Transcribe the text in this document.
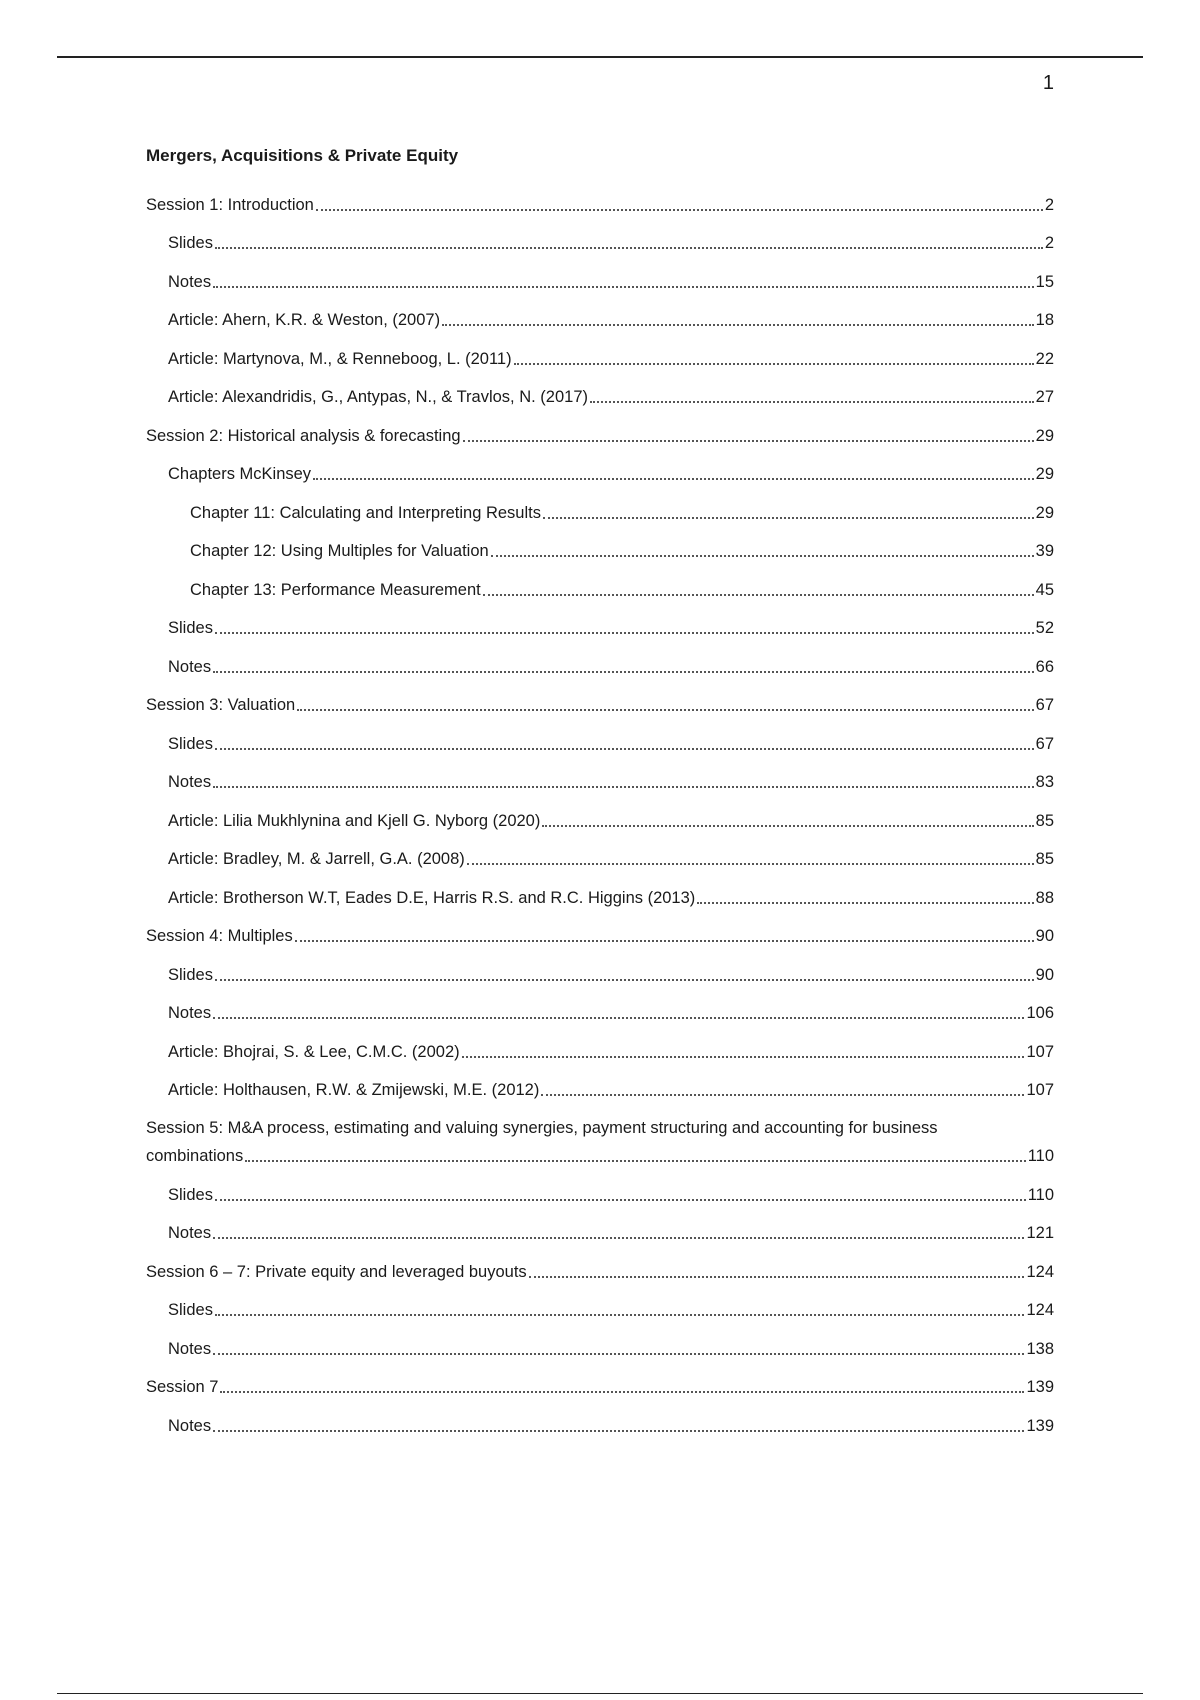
1
Mergers, Acquisitions & Private Equity
Session 1: Introduction	2
Slides	2
Notes	15
Article: Ahern, K.R. & Weston, (2007)	18
Article: Martynova, M., & Renneboog, L. (2011)	22
Article: Alexandridis, G., Antypas, N., & Travlos, N. (2017)	27
Session 2: Historical analysis & forecasting	29
Chapters McKinsey	29
Chapter 11: Calculating and Interpreting Results	29
Chapter 12: Using Multiples for Valuation	39
Chapter 13: Performance Measurement	45
Slides	52
Notes	66
Session 3: Valuation	67
Slides	67
Notes	83
Article: Lilia Mukhlynina and Kjell G. Nyborg (2020)	85
Article: Bradley, M. & Jarrell, G.A. (2008)	85
Article: Brotherson W.T, Eades D.E, Harris R.S. and R.C. Higgins (2013)	88
Session 4: Multiples	90
Slides	90
Notes	106
Article: Bhojrai, S. & Lee, C.M.C. (2002)	107
Article: Holthausen, R.W. & Zmijewski, M.E. (2012)	107
Session 5: M&A process, estimating and valuing synergies, payment structuring and accounting for business
combinations	110
Slides	110
Notes	121
Session 6 – 7: Private equity and leveraged buyouts	124
Slides	124
Notes	138
Session 7	139
Notes	139
